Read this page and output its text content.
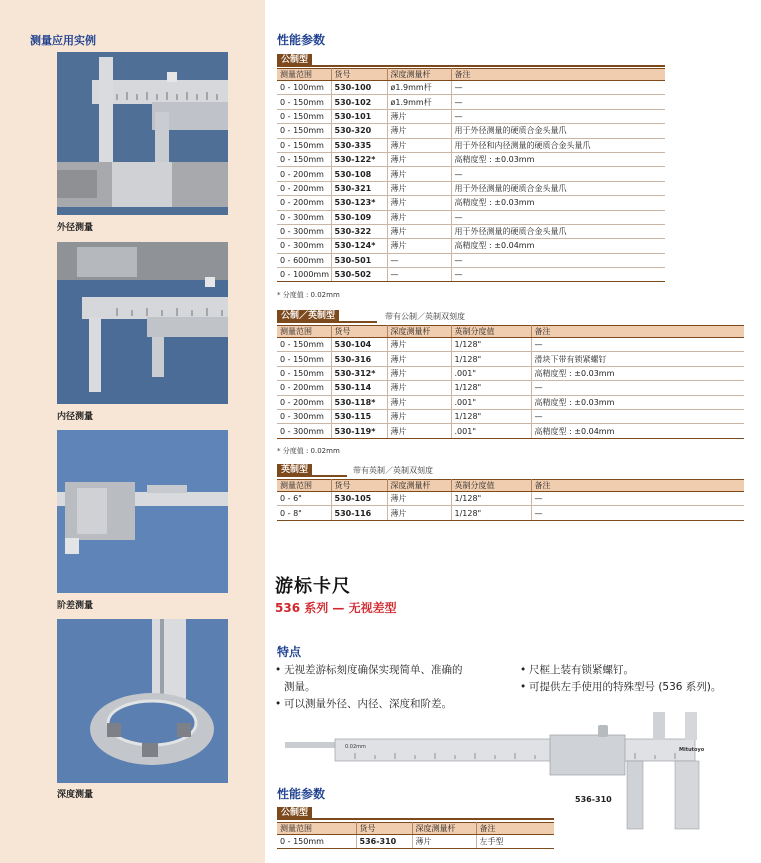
测量应用实例
外径测量
内径测量
阶差测量
深度测量
性能参数
公制型
测量范围	货号	深度测量杆	备注
0 - 100mm	530-100	ø1.9mm杆	—
0 - 150mm	530-102	ø1.9mm杆	—
0 - 150mm	530-101	薄片	—
0 - 150mm	530-320	薄片	用于外径测量的硬质合金头量爪
0 - 150mm	530-335	薄片	用于外径和内径测量的硬质合金头量爪
0 - 150mm	530-122*	薄片	高精度型 : ±0.03mm
0 - 200mm	530-108	薄片	—
0 - 200mm	530-321	薄片	用于外径测量的硬质合金头量爪
0 - 200mm	530-123*	薄片	高精度型 : ±0.03mm
0 - 300mm	530-109	薄片	—
0 - 300mm	530-322	薄片	用于外径测量的硬质合金头量爪
0 - 300mm	530-124*	薄片	高精度型 : ±0.04mm
0 - 600mm	530-501	—	—
0 - 1000mm	530-502	—	—
* 分度值 : 0.02mm
公制／英制型	带有公制／英制双刻度
测量范围	货号	深度测量杆	英制分度值	备注
0 - 150mm	530-104	薄片	1/128"	—
0 - 150mm	530-316	薄片	1/128"	滑块下带有锁紧螺钉
0 - 150mm	530-312*	薄片	.001"	高精度型 : ±0.03mm
0 - 200mm	530-114	薄片	1/128"	—
0 - 200mm	530-118*	薄片	.001"	高精度型 : ±0.03mm
0 - 300mm	530-115	薄片	1/128"	—
0 - 300mm	530-119*	薄片	.001"	高精度型 : ±0.04mm
* 分度值 : 0.02mm
英制型	带有英制／英制双刻度
测量范围	货号	深度测量杆	英制分度值	备注
0 - 6"	530-105	薄片	1/128"	—
0 - 8"	530-116	薄片	1/128"	—
游标卡尺
536 系列 — 无视差型
特点
• 无视差游标刻度确保实现简单、准确的
测量。
• 可以测量外径、内径、深度和阶差。
• 尺框上装有锁紧螺钉。
• 可提供左手使用的特殊型号 (536 系列)。
0.02mm	Mitutoyo
536-310
性能参数
公制型
测量范围	货号	深度测量杆	备注
0 - 150mm	536-310	薄片	左手型
